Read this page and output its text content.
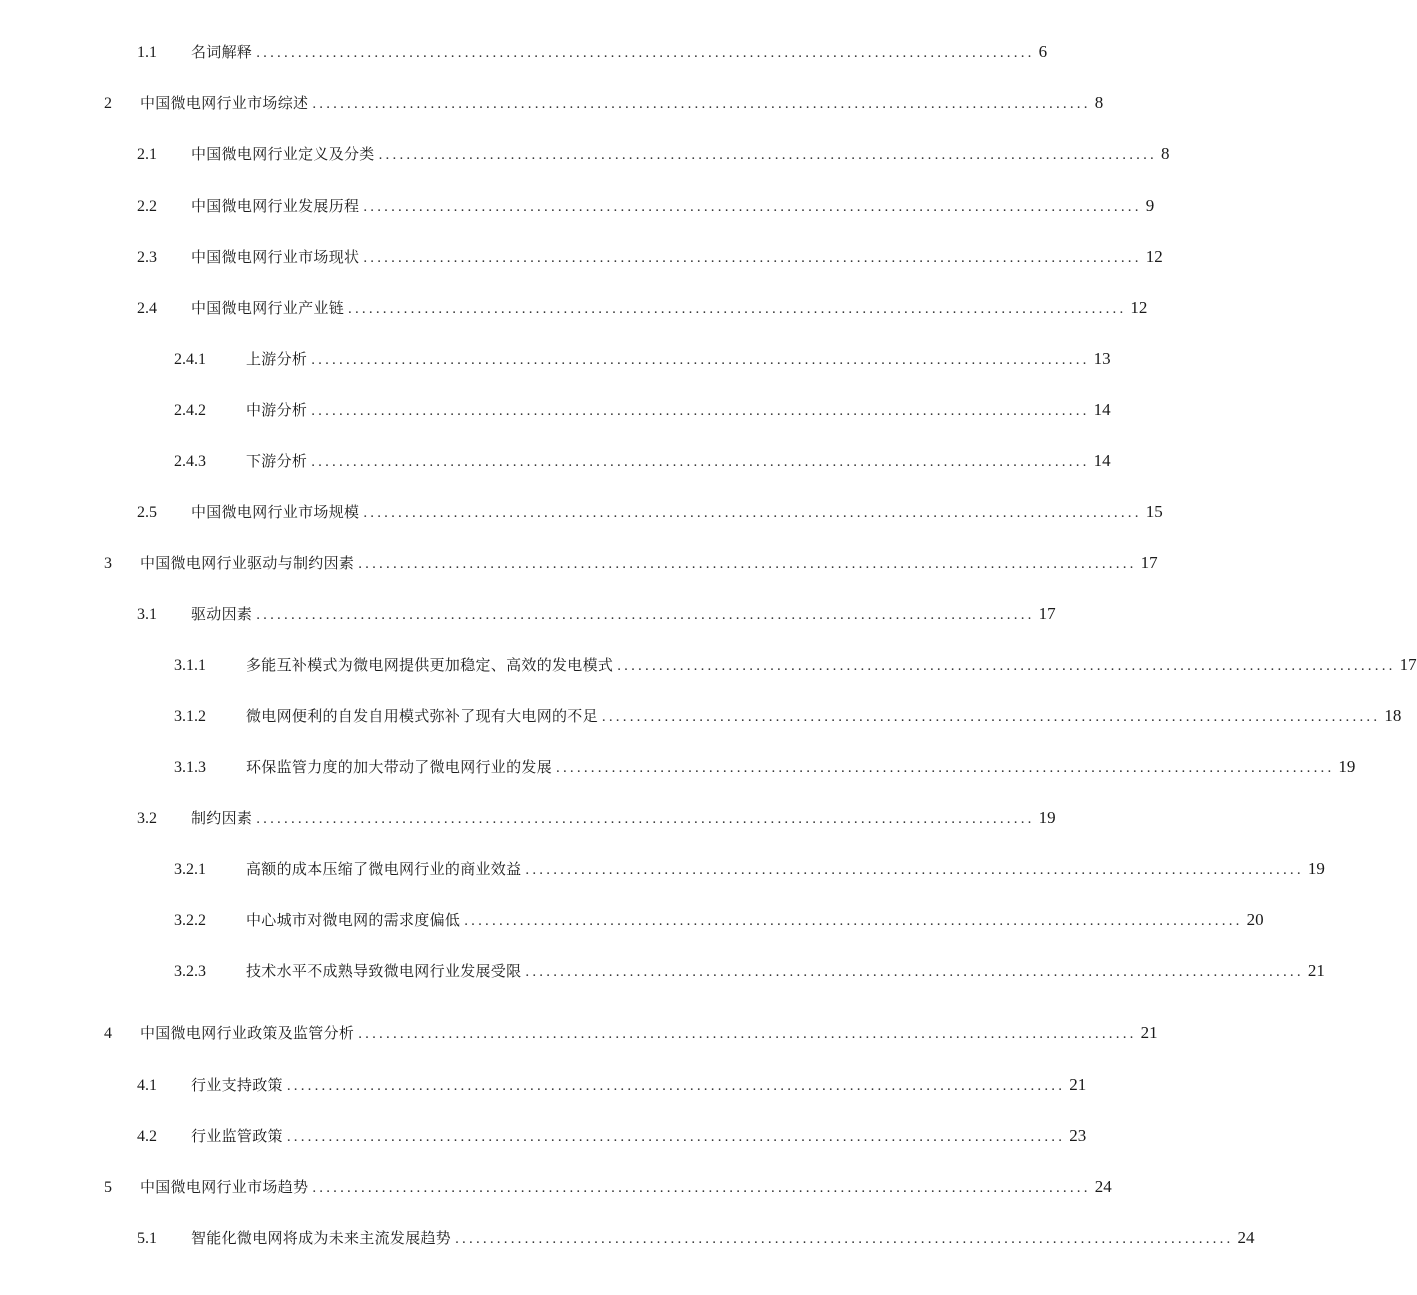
1.1	名词解释 ................................................................................................................ 6
2	中国微电网行业市场综述 ................................................................................................................ 8
2.1	中国微电网行业定义及分类 ................................................................................................................ 8
2.2	中国微电网行业发展历程 ................................................................................................................ 9
2.3	中国微电网行业市场现状 ................................................................................................................ 12
2.4	中国微电网行业产业链 ................................................................................................................ 12
2.4.1	上游分析 ................................................................................................................ 13
2.4.2	中游分析 ................................................................................................................ 14
2.4.3	下游分析 ................................................................................................................ 14
2.5	中国微电网行业市场规模 ................................................................................................................ 15
3	中国微电网行业驱动与制约因素 ................................................................................................................ 17
3.1	驱动因素 ................................................................................................................ 17
3.1.1	多能互补模式为微电网提供更加稳定、高效的发电模式 ................................................................................................................ 17
3.1.2	微电网便利的自发自用模式弥补了现有大电网的不足 ................................................................................................................ 18
3.1.3	环保监管力度的加大带动了微电网行业的发展 ................................................................................................................ 19
3.2	制约因素 ................................................................................................................ 19
3.2.1	高额的成本压缩了微电网行业的商业效益 ................................................................................................................ 19
3.2.2	中心城市对微电网的需求度偏低 ................................................................................................................ 20
3.2.3	技术水平不成熟导致微电网行业发展受限 ................................................................................................................ 21
4	中国微电网行业政策及监管分析 ................................................................................................................ 21
4.1	行业支持政策 ................................................................................................................ 21
4.2	行业监管政策 ................................................................................................................ 23
5	中国微电网行业市场趋势 ................................................................................................................ 24
5.1	智能化微电网将成为未来主流发展趋势 ................................................................................................................ 24
